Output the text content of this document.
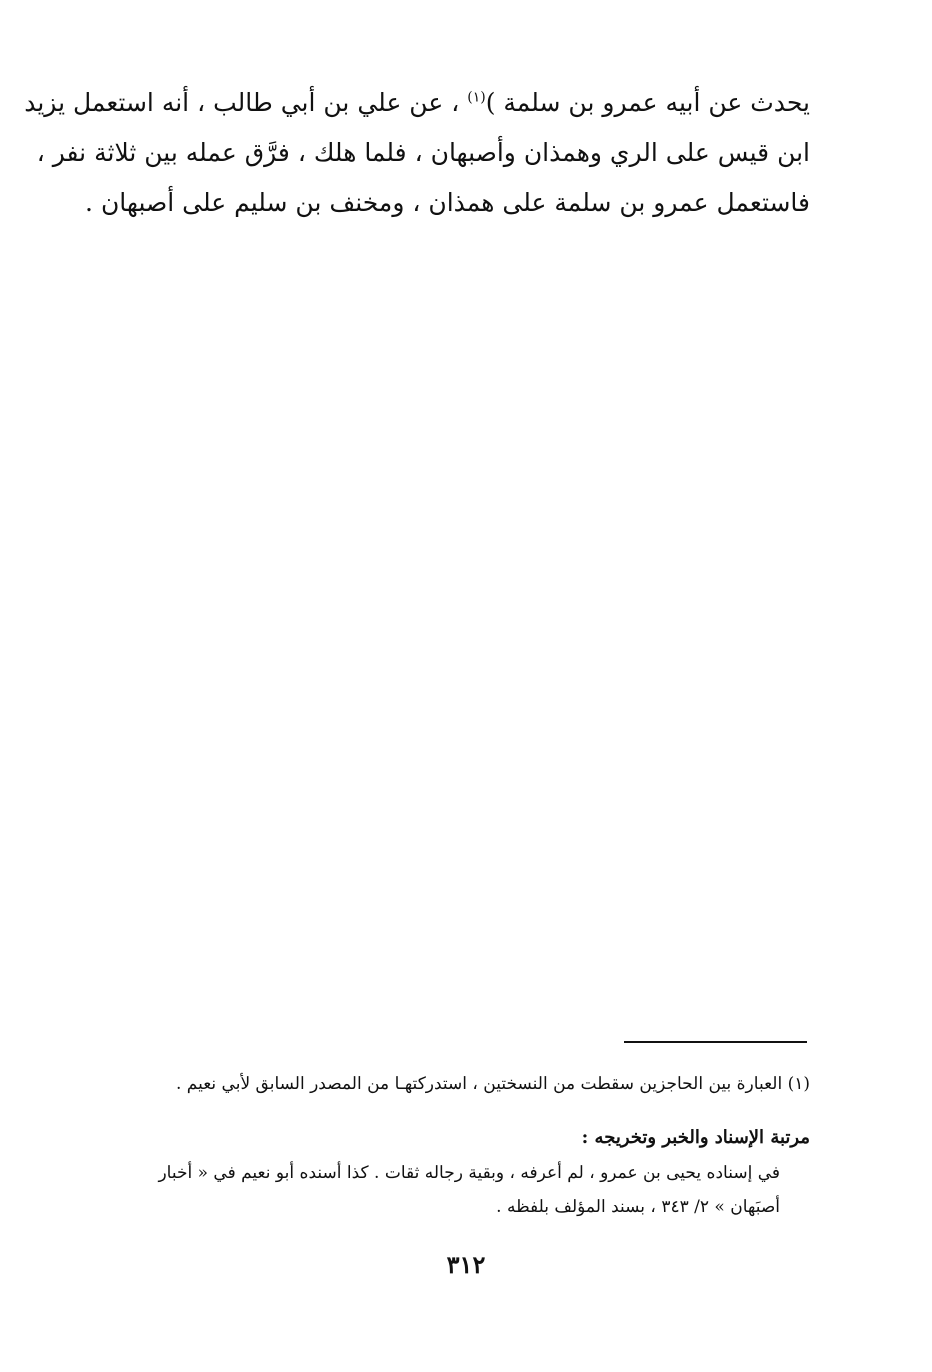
يحدث عن أبيه عمرو بن سلمة )$^{(١)}$ ، عن علي بن أبي طالب ، أنه استعمل يزيد
ابن قيس على الري وهمذان وأصبهان ، فلما هلك ، فرَّق عمله بين ثلاثة نفر ،
فاستعمل عمرو بن سلمة على همذان ، ومخنف بن سليم على أصبهان .

(١) العبارة بين الحاجزين سقطت من النسختين ، استدركتهـا من المصدر السابق لأبي نعيم .

مرتبة الإسناد والخبر وتخريجه :

في إسناده يحيى بن عمرو ، لم أعرفه ، وبقية رجاله ثقات . كذا أسنده أبو نعيم في « أخبار
أصبَهان » ٢/ ٣٤٣ ، بسند المؤلف بلفظه .

٣١٢
